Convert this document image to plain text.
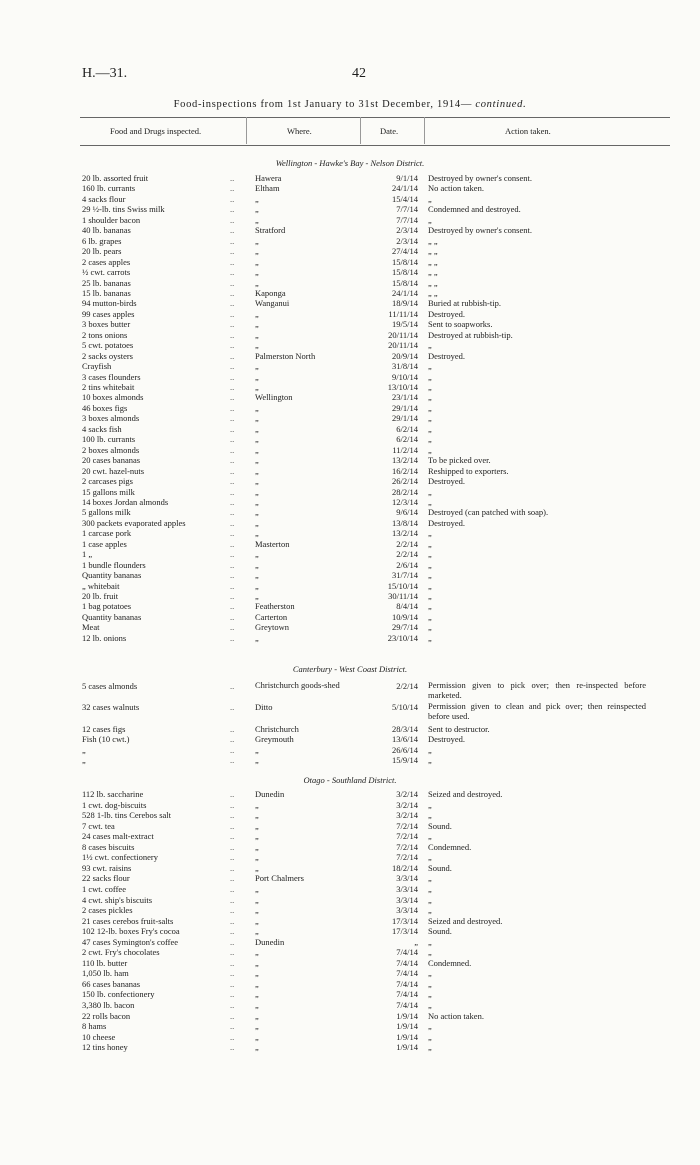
H.—31.	42
Food-inspections from 1st January to 31st December, 1914— continued.
Food and Drugs inspected.	Where.	Date.	Action taken.
Wellington - Hawke's Bay - Nelson District.
20 lb. assorted fruit	.. Hawera	9/1/14 Destroyed by owner's consent.
160 lb. currants	.. Eltham	24/1/14 No action taken.
4 sacks flour	.. „	15/4/14 „
29 ½-lb. tins Swiss milk	.. „	7/7/14 Condemned and destroyed.
1 shoulder bacon	.. „	7/7/14 „
40 lb. bananas	.. Stratford	2/3/14 Destroyed by owner's consent.
6 lb. grapes	.. „	2/3/14 „ „
20 lb. pears	.. „	27/4/14 „ „
2 cases apples	.. „	15/8/14 „ „
½ cwt. carrots	.. „	15/8/14 „ „
25 lb. bananas	.. „	15/8/14 „ „
15 lb. bananas	.. Kaponga	24/1/14 „ „
94 mutton-birds	.. Wanganui	18/9/14 Buried at rubbish-tip.
99 cases apples	.. „	11/11/14 Destroyed.
3 boxes butter	.. „	19/5/14 Sent to soapworks.
2 tons onions	.. „	20/11/14 Destroyed at rubbish-tip.
5 cwt. potatoes	.. „	20/11/14 „
2 sacks oysters	.. Palmerston North	20/9/14 Destroyed.
Crayfish	.. „	31/8/14 „
3 cases flounders	.. „	9/10/14 „
2 tins whitebait	.. „	13/10/14 „
10 boxes almonds	.. Wellington	23/1/14 „
46 boxes figs	.. „	29/1/14 „
3 boxes almonds	.. „	29/1/14 „
4 sacks fish	.. „	6/2/14 „
100 lb. currants	.. „	6/2/14 „
2 boxes almonds	.. „	11/2/14 „
20 cases bananas	.. „	13/2/14 To be picked over.
20 cwt. hazel-nuts	.. „	16/2/14 Reshipped to exporters.
2 carcases pigs	.. „	26/2/14 Destroyed.
15 gallons milk	.. „	28/2/14 „
14 boxes Jordan almonds	.. „	12/3/14 „
5 gallons milk	.. „	9/6/14 Destroyed (can patched with soap).
300 packets evaporated apples	.. „	13/8/14 Destroyed.
1 carcase pork	.. „	13/2/14 „
1 case apples	.. Masterton	2/2/14 „
1 „	.. „	2/2/14 „
1 bundle flounders	.. „	2/6/14 „
Quantity bananas	.. „	31/7/14 „
„ whitebait	.. „	15/10/14 „
20 lb. fruit	.. „	30/11/14 „
1 bag potatoes	.. Featherston	8/4/14 „
Quantity bananas	.. Carterton	10/9/14 „
Meat	.. Greytown	29/7/14 „
12 lb. onions	.. „	23/10/14 „
Canterbury - West Coast District.
5 cases almonds	.. Christchurch goods-shed	2/2/14 Permission given to pick over; then re-inspected before marketed.
32 cases walnuts	.. Ditto	5/10/14 Permission given to clean and pick over; then reinspected before used.
12 cases figs	.. Christchurch	28/3/14 Sent to destructor.
Fish (10 cwt.)	.. Greymouth	13/6/14 Destroyed.
„	.. „	26/6/14 „
„	.. „	15/9/14 „
Otago - Southland District.
112 lb. saccharine	.. Dunedin	3/2/14 Seized and destroyed.
1 cwt. dog-biscuits	.. „	3/2/14 „
528 1-lb. tins Cerebos salt	.. „	3/2/14 „
7 cwt. tea	.. „	7/2/14 Sound.
24 cases malt-extract	.. „	7/2/14 „
8 cases biscuits	.. „	7/2/14 Condemned.
1½ cwt. confectionery	.. „	7/2/14 „
93 cwt. raisins	.. „	18/2/14 Sound.
22 sacks flour	.. Port Chalmers	3/3/14 „
1 cwt. coffee	.. „	3/3/14 „
4 cwt. ship's biscuits	.. „	3/3/14 „
2 cases pickles	.. „	3/3/14 „
21 cases cerebos fruit-salts	.. „	17/3/14 Seized and destroyed.
102 12-lb. boxes Fry's cocoa	.. „	17/3/14 Sound.
47 cases Symington's coffee	.. Dunedin	„ „
2 cwt. Fry's chocolates	.. „	7/4/14 „
110 lb. butter	.. „	7/4/14 Condemned.
1,050 lb. ham	.. „	7/4/14 „
66 cases bananas	.. „	7/4/14 „
150 lb. confectionery	.. „	7/4/14 „
3,380 lb. bacon	.. „	7/4/14 „
22 rolls bacon	.. „	1/9/14 No action taken.
8 hams	.. „	1/9/14 „
10 cheese	.. „	1/9/14 „
12 tins honey	.. „	1/9/14 „
